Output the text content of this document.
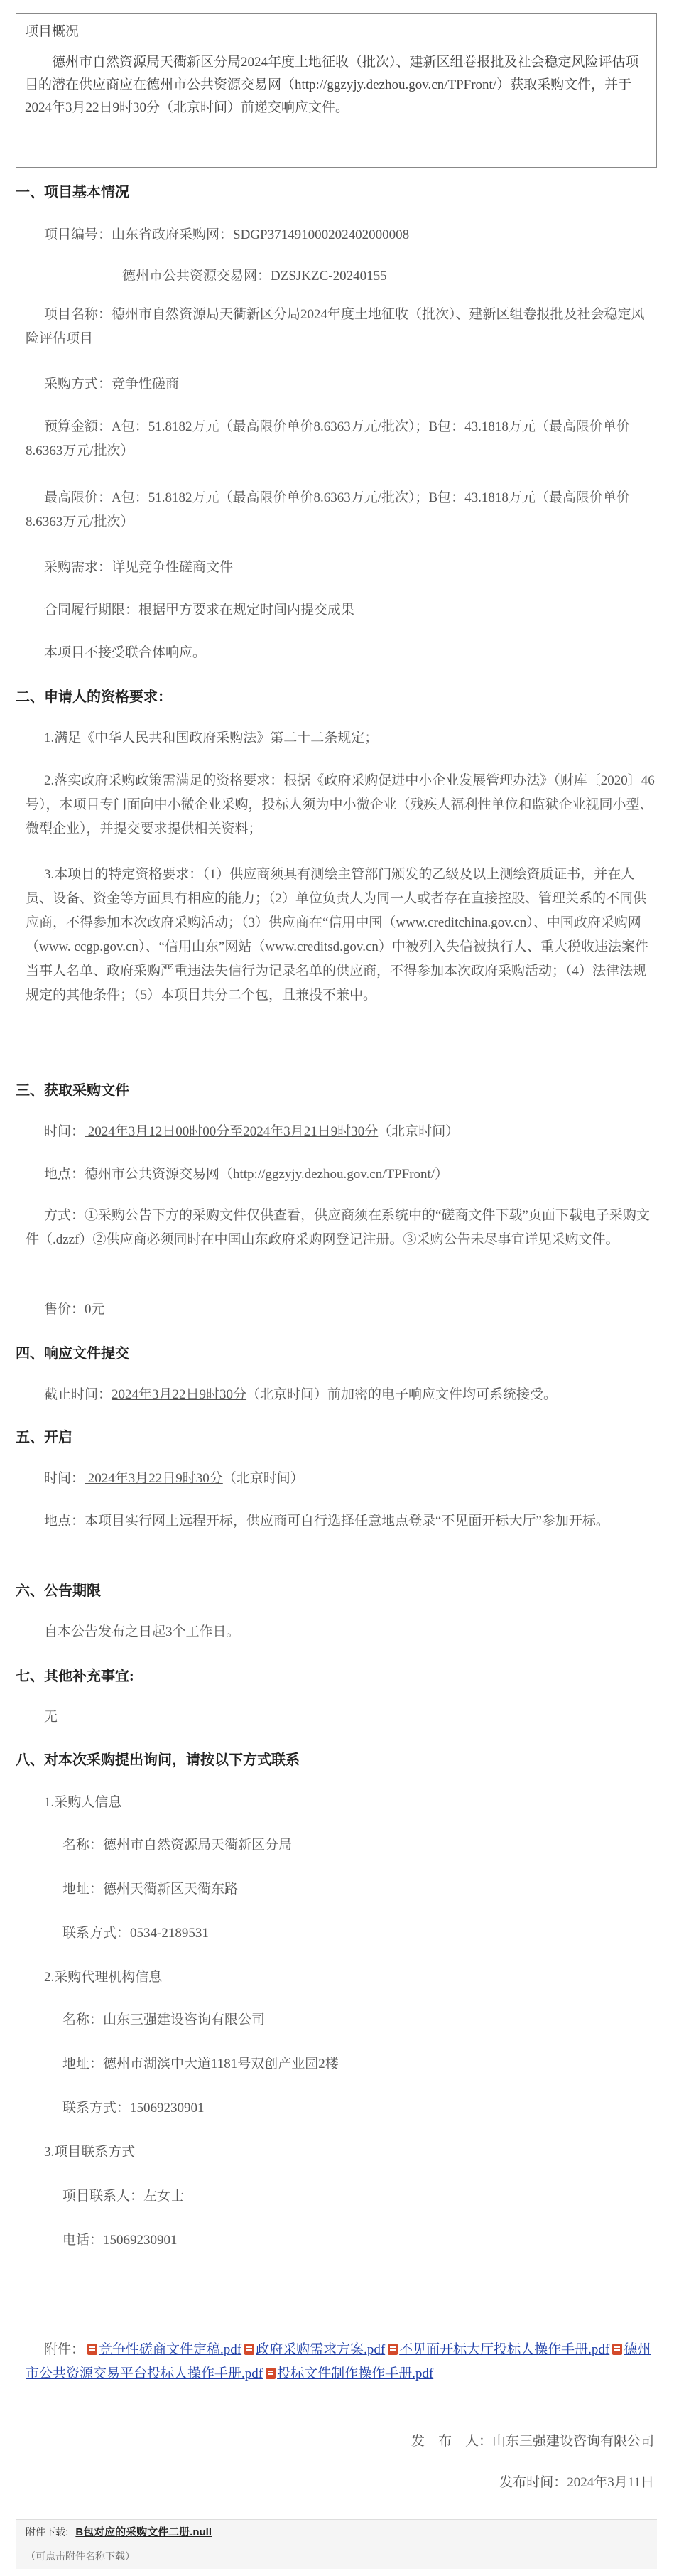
项目概况

德州市自然资源局天衢新区分局2024年度土地征收（批次）、建新区组卷报批及社会稳定风险评估项目的潜在供应商应在德州市公共资源交易网（http://ggzyjy.dezhou.gov.cn/TPFront/）获取采购文件，并于 2024年3月22日9时30分（北京时间）前递交响应文件。

一、项目基本情况
项目编号：山东省政府采购网：SDGP371491000202402000008
德州市公共资源交易网：DZSJKZC-20240155
项目名称：德州市自然资源局天衢新区分局2024年度土地征收（批次）、建新区组卷报批及社会稳定风险评估项目
采购方式：竞争性磋商
预算金额：A包：51.8182万元（最高限价单价8.6363万元/批次）；B包：43.1818万元（最高限价单价8.6363万元/批次）
最高限价：A包：51.8182万元（最高限价单价8.6363万元/批次）；B包：43.1818万元（最高限价单价8.6363万元/批次）
采购需求：详见竞争性磋商文件
合同履行期限：根据甲方要求在规定时间内提交成果
本项目不接受联合体响应。
二、申请人的资格要求：
1.满足《中华人民共和国政府采购法》第二十二条规定；
2.落实政府采购政策需满足的资格要求：根据《政府采购促进中小企业发展管理办法》（财库〔2020〕46号），本项目专门面向中小微企业采购，投标人须为中小微企业（残疾人福利性单位和监狱企业视同小型、微型企业），并提交要求提供相关资料；
3.本项目的特定资格要求：（1）供应商须具有测绘主管部门颁发的乙级及以上测绘资质证书，并在人员、设备、资金等方面具有相应的能力；（2）单位负责人为同一人或者存在直接控股、管理关系的不同供应商，不得参加本次政府采购活动；（3）供应商在“信用中国（www.creditchina.gov.cn）、中国政府采购网（www. ccgp.gov.cn）、“信用山东”网站（www.creditsd.gov.cn）中被列入失信被执行人、重大税收违法案件当事人名单、政府采购严重违法失信行为记录名单的供应商，不得参加本次政府采购活动；（4）法律法规规定的其他条件；（5）本项目共分二个包，且兼投不兼中。
三、获取采购文件
时间： 2024年3月12日00时00分至2024年3月21日9时30分（北京时间）
地点：德州市公共资源交易网（http://ggzyjy.dezhou.gov.cn/TPFront/）
方式：①采购公告下方的采购文件仅供查看，供应商须在系统中的“磋商文件下载”页面下载电子采购文件（.dzzf）②供应商必须同时在中国山东政府采购网登记注册。③采购公告未尽事宜详见采购文件。
售价：0元
四、响应文件提交
截止时间：2024年3月22日9时30分（北京时间）前加密的电子响应文件均可系统接受。
五、开启
时间： 2024年3月22日9时30分（北京时间）
地点：本项目实行网上远程开标，供应商可自行选择任意地点登录“不见面开标大厅”参加开标。
六、公告期限
自本公告发布之日起3个工作日。
七、其他补充事宜:
无
八、对本次采购提出询问，请按以下方式联系
1.采购人信息
名称：德州市自然资源局天衢新区分局
地址：德州天衢新区天衢东路
联系方式：0534-2189531
2.采购代理机构信息
名称：山东三强建设咨询有限公司
地址：德州市湖滨中大道1181号双创产业园2楼
联系方式：15069230901
3.项目联系方式
项目联系人：左女士
电话：15069230901
附件： 竞争性磋商文件定稿.pdf 政府采购需求方案.pdf 不见面开标大厅投标人操作手册.pdf 德州市公共资源交易平台投标人操作手册.pdf 投标文件制作操作手册.pdf
发　布　人：山东三强建设咨询有限公司
发布时间：2024年3月11日
附件下载: B包对应的采购文件二册.null
（可点击附件名称下载）
